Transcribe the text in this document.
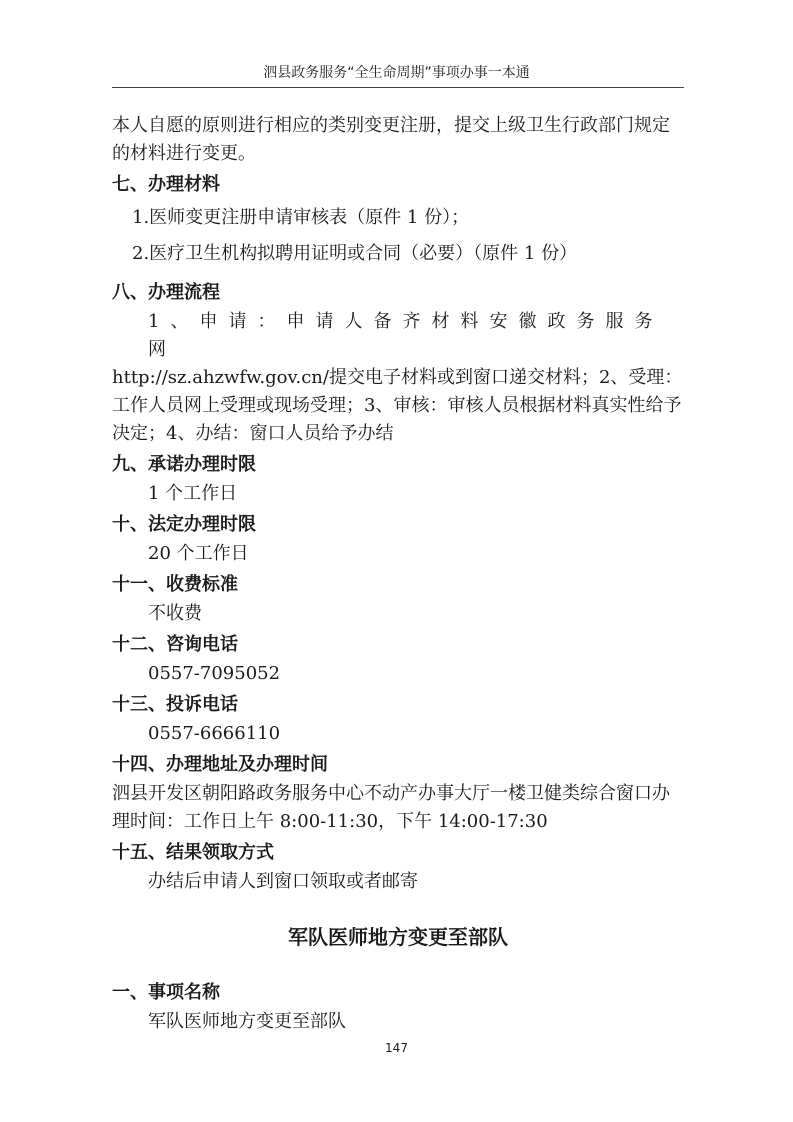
泗县政务服务“全生命周期”事项办事一本通

本人自愿的原则进行相应的类别变更注册，提交上级卫生行政部门规定的材料进行变更。

七、办理材料
1.医师变更注册申请审核表（原件 1 份）；
2.医疗卫生机构拟聘用证明或合同（必要）（原件 1 份）
八、办理流程

1、申请：申请人备齐材料安徽政务服务网

http://sz.ahzwfw.gov.cn/提交电子材料或到窗口递交材料；2、受理：工作人员网上受理或现场受理；3、审核：审核人员根据材料真实性给予决定；4、办结：窗口人员给予办结

九、承诺办理时限

1 个工作日

十、法定办理时限

20 个工作日

十一、收费标准

不收费

十二、咨询电话

0557-7095052

十三、投诉电话

0557-6666110

十四、办理地址及办理时间

泗县开发区朝阳路政务服务中心不动产办事大厅一楼卫健类综合窗口办理时间：工作日上午 8:00-11:30，下午 14:00-17:30

十五、结果领取方式

办结后申请人到窗口领取或者邮寄

军队医师地方变更至部队
一、事项名称

军队医师地方变更至部队

147
